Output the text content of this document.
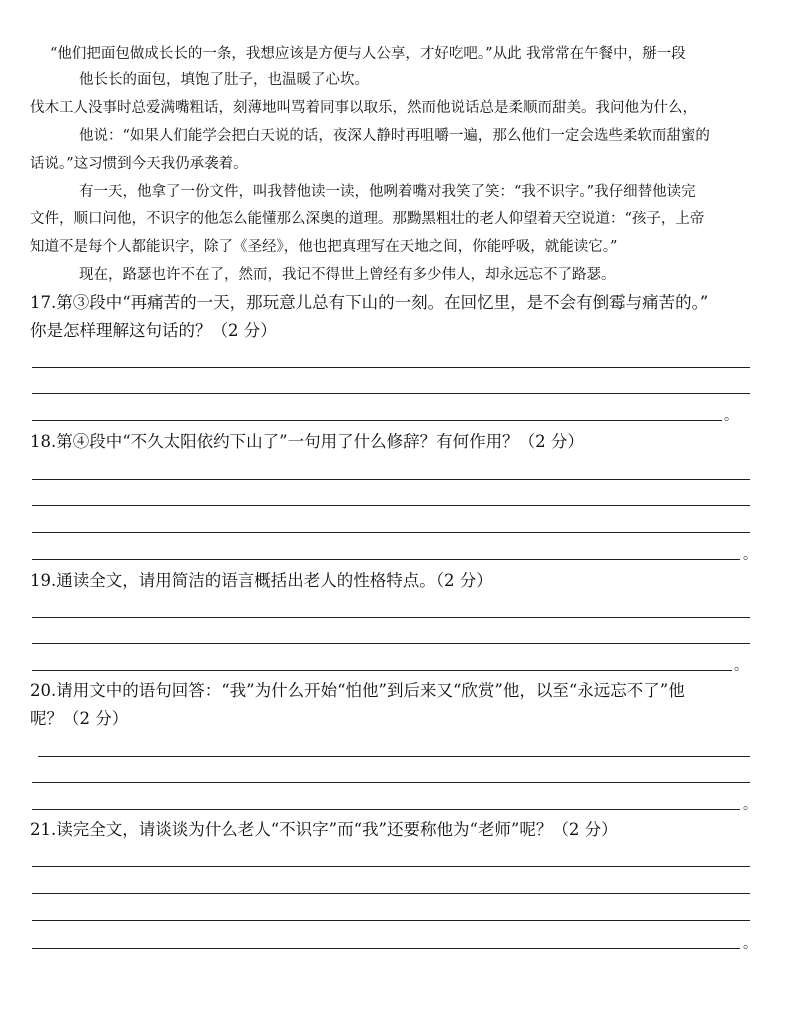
“他们把面包做成长长的一条，我想应该是方便与人公享，才好吃吧。”从此 我常常在午餐中，掰一段
他长长的面包，填饱了肚子，也温暖了心坎。
伐木工人没事时总爱满嘴粗话，刻薄地叫骂着同事以取乐，然而他说话总是柔顺而甜美。我问他为什么，
他说：“如果人们能学会把白天说的话，夜深人静时再咀嚼一遍，那么他们一定会选些柔软而甜蜜的
话说。”这习惯到今天我仍承袭着。
有一天，他拿了一份文件，叫我替他读一读，他咧着嘴对我笑了笑：“我不识字。”我仔细替他读完
文件，顺口问他，不识字的他怎么能懂那么深奥的道理。那黝黑粗壮的老人仰望着天空说道：“孩子，上帝
知道不是每个人都能识字，除了《圣经》，他也把真理写在天地之间，你能呼吸，就能读它。”
现在，路瑟也许不在了，然而，我记不得世上曾经有多少伟人，却永远忘不了路瑟。
17.第③段中“再痛苦的一天，那玩意儿总有下山的一刻。在回忆里，是不会有倒霉与痛苦的。”
你是怎样理解这句话的？（2 分）
。
18.第④段中“不久太阳依约下山了”一句用了什么修辞？有何作用？（2 分）
。
19.通读全文，请用简洁的语言概括出老人的性格特点。（2 分）
。
20.请用文中的语句回答：“我”为什么开始“怕他”到后来又“欣赏”他，以至“永远忘不了”他
呢？（2 分）
。
21.读完全文，请谈谈为什么老人“不识字”而“我”还要称他为“老师”呢？（2 分）
。
